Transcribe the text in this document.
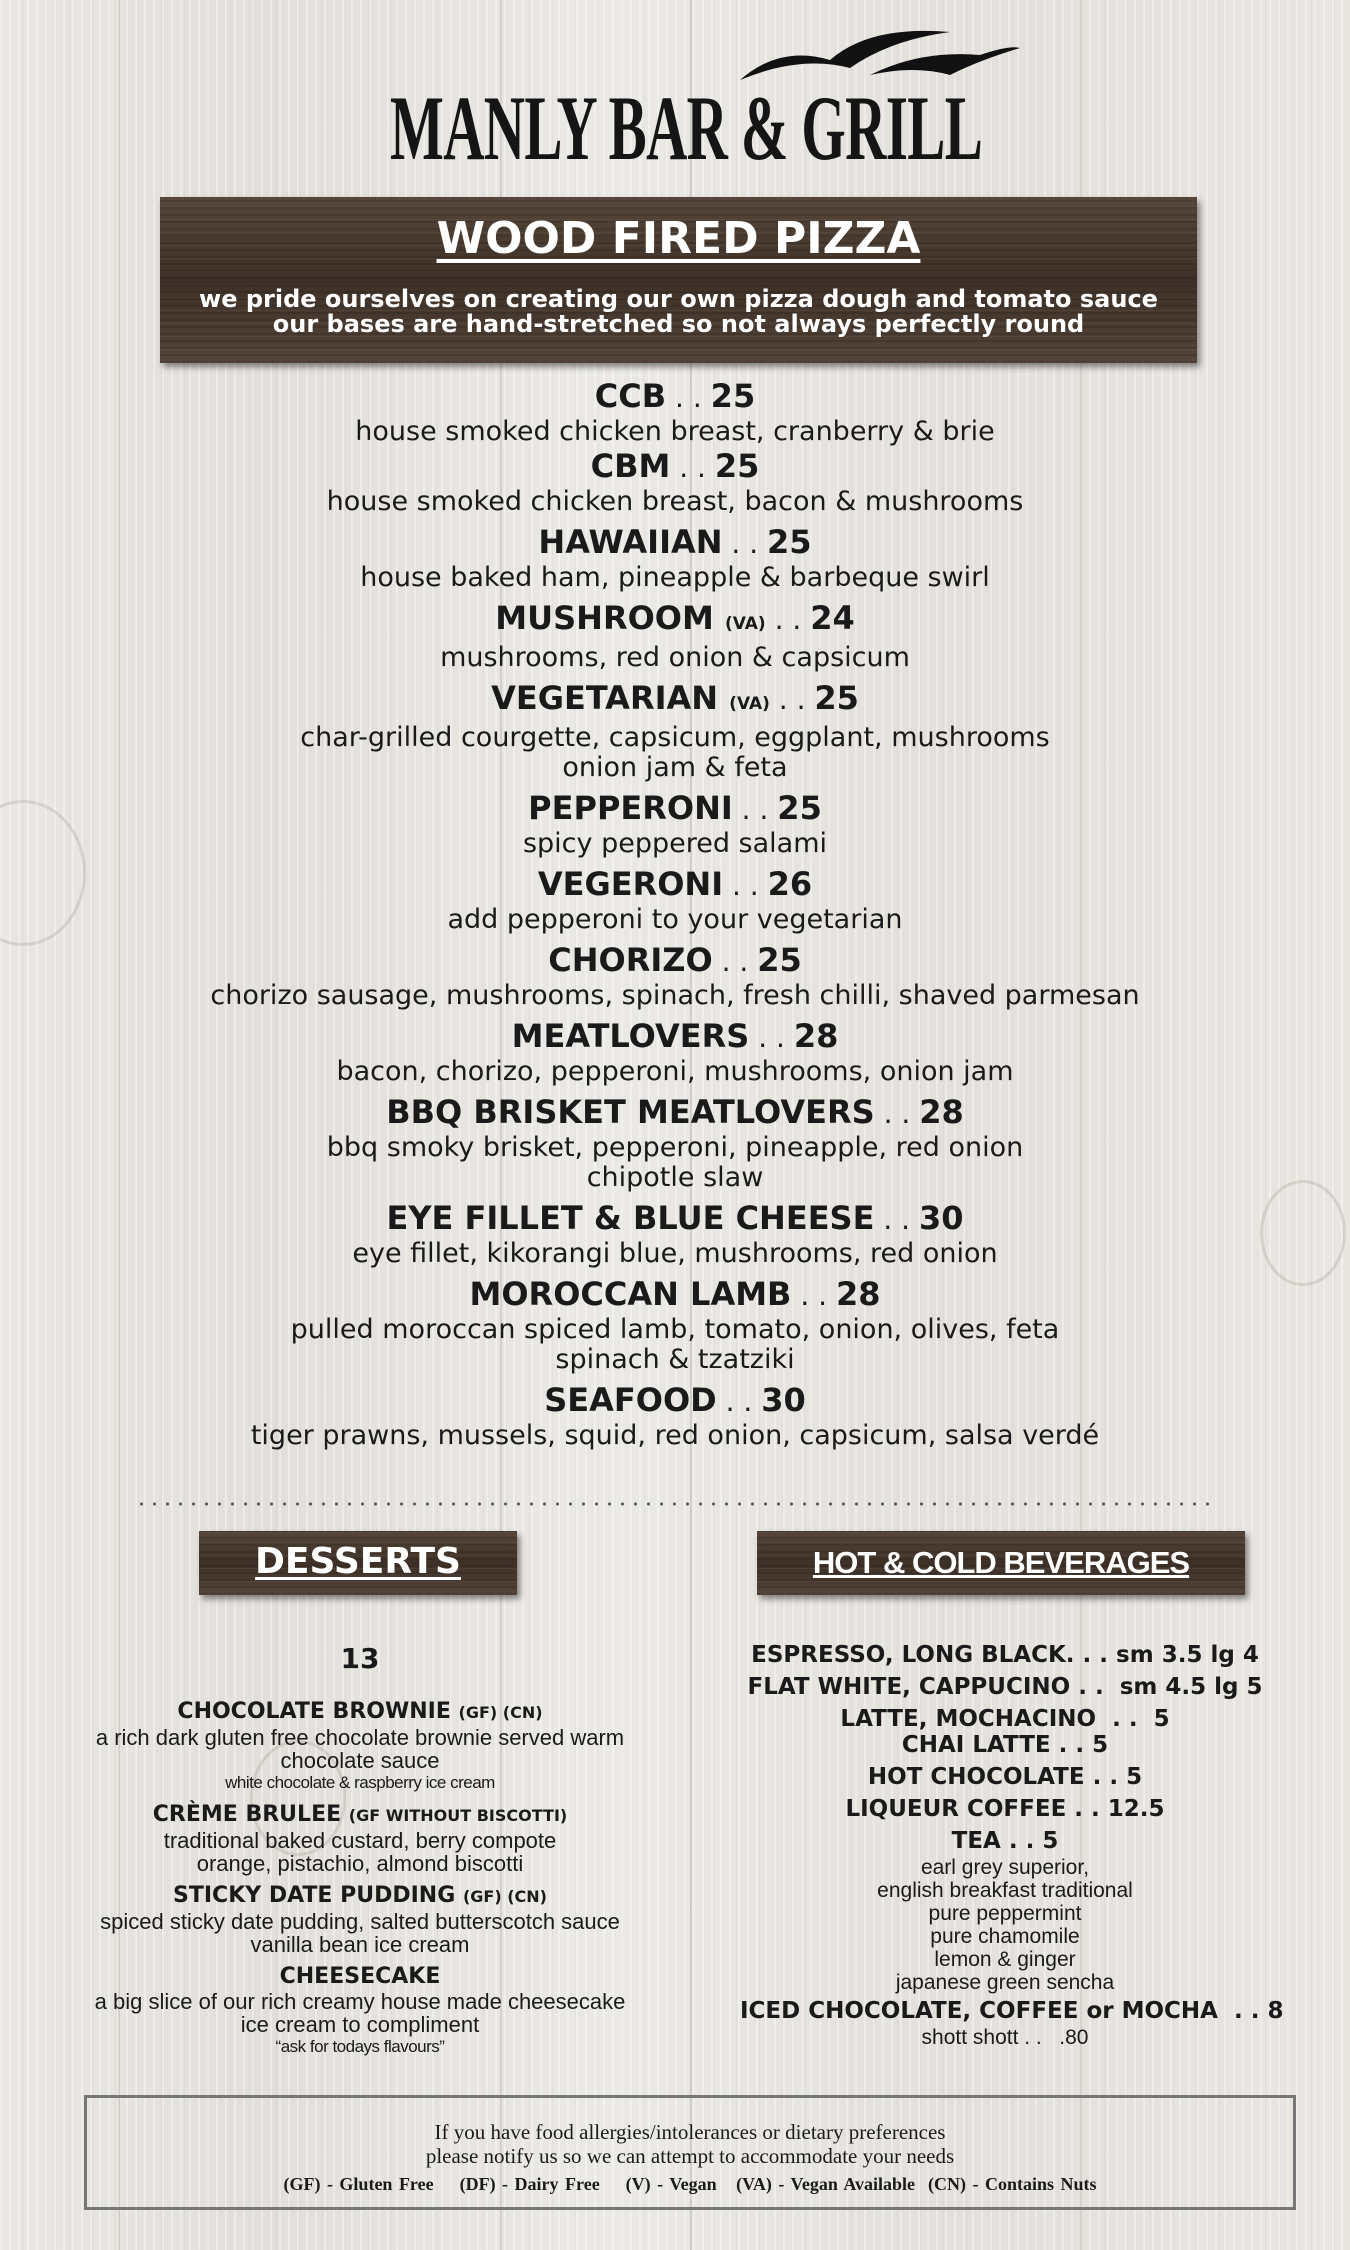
MANLY BAR & GRILL
WOOD FIRED PIZZA
we pride ourselves on creating our own pizza dough and tomato sauce
our bases are hand-stretched so not always perfectly round

CCB . . 25

house smoked chicken breast, cranberry & brie

CBM . . 25

house smoked chicken breast, bacon & mushrooms

HAWAIIAN . . 25

house baked ham, pineapple & barbeque swirl

MUSHROOM (VA) . . 24

mushrooms, red onion & capsicum

VEGETARIAN (VA) . . 25

char-grilled courgette, capsicum, eggplant, mushrooms

onion jam & feta

PEPPERONI . . 25

spicy peppered salami

VEGERONI . . 26

add pepperoni to your vegetarian

CHORIZO . . 25

chorizo sausage, mushrooms, spinach, fresh chilli, shaved parmesan

MEATLOVERS . . 28

bacon, chorizo, pepperoni, mushrooms, onion jam

BBQ BRISKET MEATLOVERS . . 28

bbq smoky brisket, pepperoni, pineapple, red onion

chipotle slaw

EYE FILLET & BLUE CHEESE . . 30

eye fillet, kikorangi blue, mushrooms, red onion

MOROCCAN LAMB . . 28

pulled moroccan spiced lamb, tomato, onion, olives, feta

spinach & tzatziki

SEAFOOD . . 30

tiger prawns, mussels, squid, red onion, capsicum, salsa verdé

DESSERTS	HOT & COLD BEVERAGES
13

CHOCOLATE BROWNIE (GF) (CN)

a rich dark gluten free chocolate brownie served warm

chocolate sauce

white chocolate & raspberry ice cream

CRÈME BRULEE (GF WITHOUT BISCOTTI)

traditional baked custard, berry compote

orange, pistachio, almond biscotti

STICKY DATE PUDDING (GF) (CN)

spiced sticky date pudding, salted butterscotch sauce

vanilla bean ice cream

CHEESECAKE

a big slice of our rich creamy house made cheesecake

ice cream to compliment

“ask for todays flavours”

ESPRESSO, LONG BLACK. . . sm 3.5 lg 4

FLAT WHITE, CAPPUCINO . .  sm 4.5 lg 5

LATTE, MOCHACINO  . .  5

CHAI LATTE . . 5

HOT CHOCOLATE . . 5

LIQUEUR COFFEE . . 12.5

TEA . . 5

earl grey superior,

english breakfast traditional

pure peppermint

pure chamomile

lemon & ginger

japanese green sencha

ICED CHOCOLATE, COFFEE or MOCHA  . . 8

shott shott . .   .80

If you have food allergies/intolerances or dietary preferences
please notify us so we can attempt to accommodate your needs
(GF) - Gluten Free    (DF) - Dairy Free    (V) - Vegan   (VA) - Vegan Available  (CN) - Contains Nuts
